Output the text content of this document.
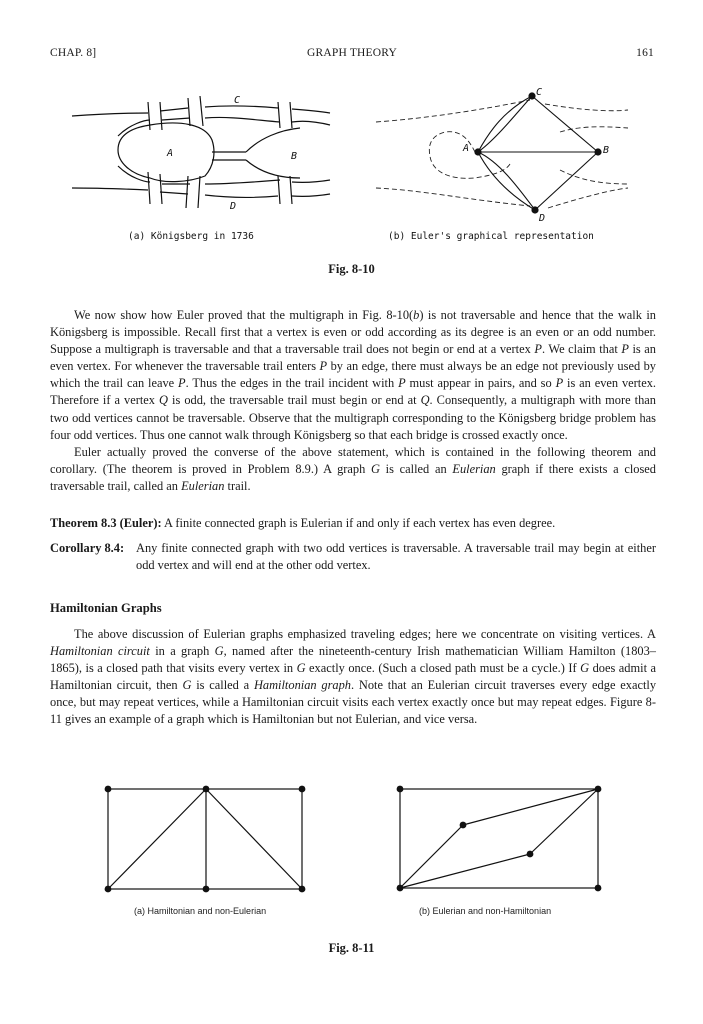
CHAP. 8]	GRAPH THEORY	161
C
A	B
D
(a) Königsberg in 1736
C
A	B
D
(b) Euler's graphical representation
Fig. 8-10

We now show how Euler proved that the multigraph in Fig. 8-10(b) is not traversable and hence that the walk in Königsberg is impossible. Recall first that a vertex is even or odd according as its degree is an even or an odd number. Suppose a multigraph is traversable and that a traversable trail does not begin or end at a vertex P. We claim that P is an even vertex. For whenever the traversable trail enters P by an edge, there must always be an edge not previously used by which the trail can leave P. Thus the edges in the trail incident with P must appear in pairs, and so P is an even vertex. Therefore if a vertex Q is odd, the traversable trail must begin or end at Q. Consequently, a multigraph with more than two odd vertices cannot be traversable. Observe that the multigraph corresponding to the Königsberg bridge problem has four odd vertices. Thus one cannot walk through Königsberg so that each bridge is crossed exactly once.

Euler actually proved the converse of the above statement, which is contained in the following theorem and corollary. (The theorem is proved in Problem 8.9.) A graph G is called an Eulerian graph if there exists a closed traversable trail, called an Eulerian trail.

Theorem 8.3 (Euler): A finite connected graph is Eulerian if and only if each vertex has even degree.
Corollary 8.4: Any finite connected graph with two odd vertices is traversable. A traversable trail may begin at either odd vertex and will end at the other odd vertex.
Hamiltonian Graphs

The above discussion of Eulerian graphs emphasized traveling edges; here we concentrate on visiting vertices. A Hamiltonian circuit in a graph G, named after the nineteenth-century Irish mathematician William Hamilton (1803–1865), is a closed path that visits every vertex in G exactly once. (Such a closed path must be a cycle.) If G does admit a Hamiltonian circuit, then G is called a Hamiltonian graph. Note that an Eulerian circuit traverses every edge exactly once, but may repeat vertices, while a Hamiltonian circuit visits each vertex exactly once but may repeat edges. Figure 8-11 gives an example of a graph which is Hamiltonian but not Eulerian, and vice versa.

(a) Hamiltonian and non-Eulerian	(b) Eulerian and non-Hamiltonian
Fig. 8-11
